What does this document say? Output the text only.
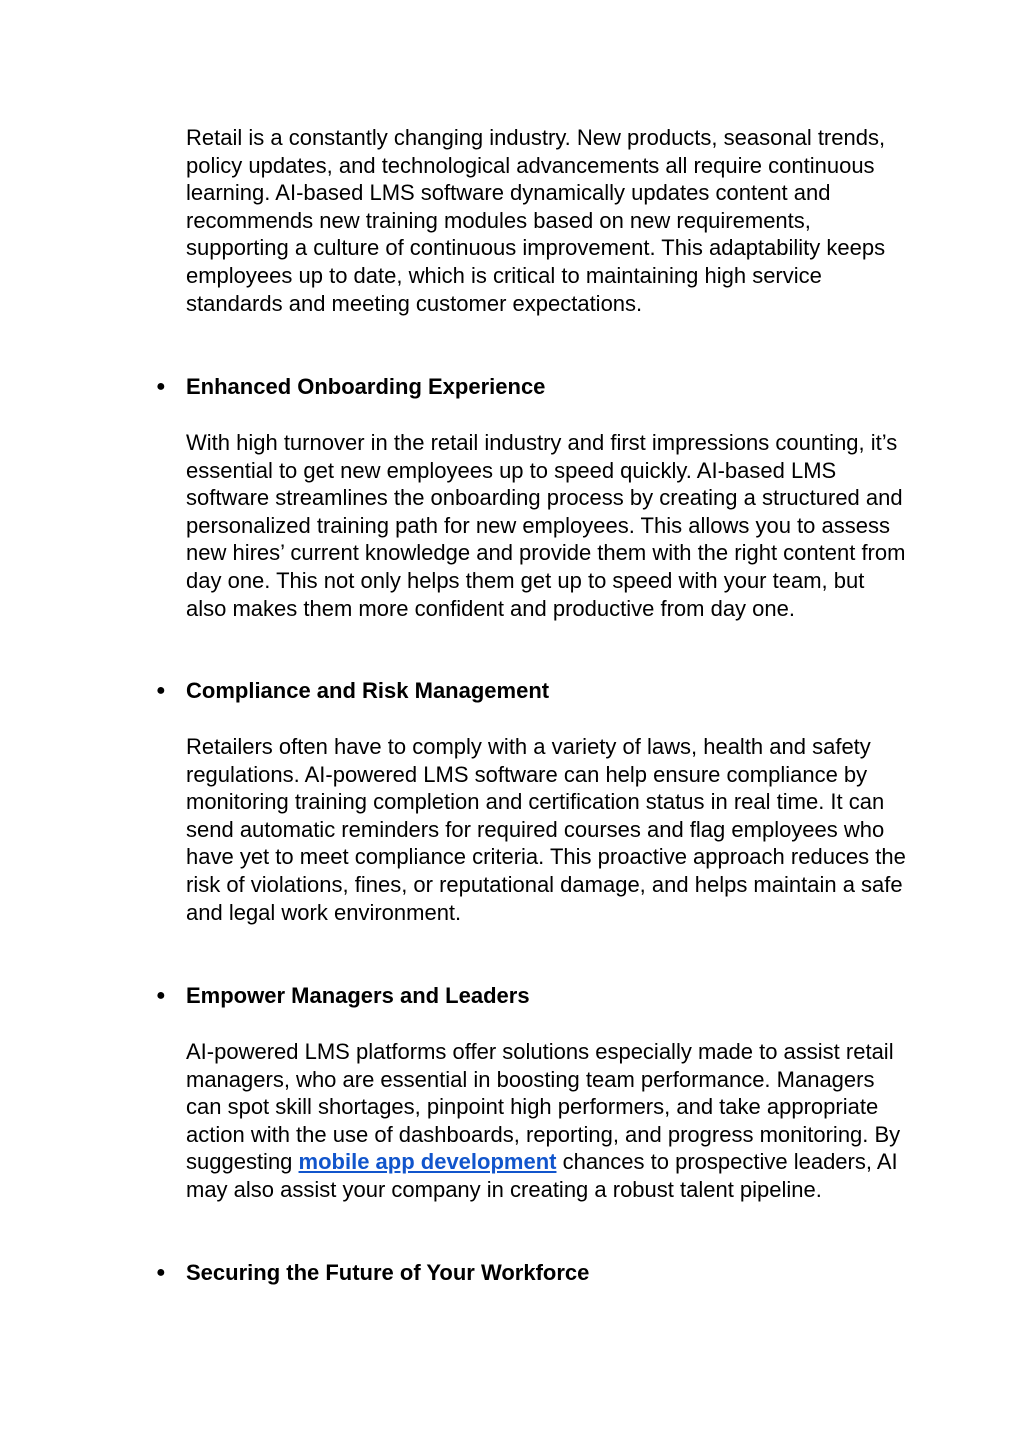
Retail is a constantly changing industry. New products, seasonal trends, policy updates, and technological advancements all require continuous learning. AI-based LMS software dynamically updates content and recommends new training modules based on new requirements, supporting a culture of continuous improvement. This adaptability keeps employees up to date, which is critical to maintaining high service standards and meeting customer expectations.

● Enhanced Onboarding Experience

With high turnover in the retail industry and first impressions counting, it’s essential to get new employees up to speed quickly. AI-based LMS software streamlines the onboarding process by creating a structured and personalized training path for new employees. This allows you to assess new hires’ current knowledge and provide them with the right content from day one. This not only helps them get up to speed with your team, but also makes them more confident and productive from day one.

● Compliance and Risk Management

Retailers often have to comply with a variety of laws, health and safety regulations. AI-powered LMS software can help ensure compliance by monitoring training completion and certification status in real time. It can send automatic reminders for required courses and flag employees who have yet to meet compliance criteria. This proactive approach reduces the risk of violations, fines, or reputational damage, and helps maintain a safe and legal work environment.

● Empower Managers and Leaders

AI-powered LMS platforms offer solutions especially made to assist retail managers, who are essential in boosting team performance. Managers can spot skill shortages, pinpoint high performers, and take appropriate action with the use of dashboards, reporting, and progress monitoring. By suggesting mobile app development chances to prospective leaders, AI may also assist your company in creating a robust talent pipeline.

● Securing the Future of Your Workforce
